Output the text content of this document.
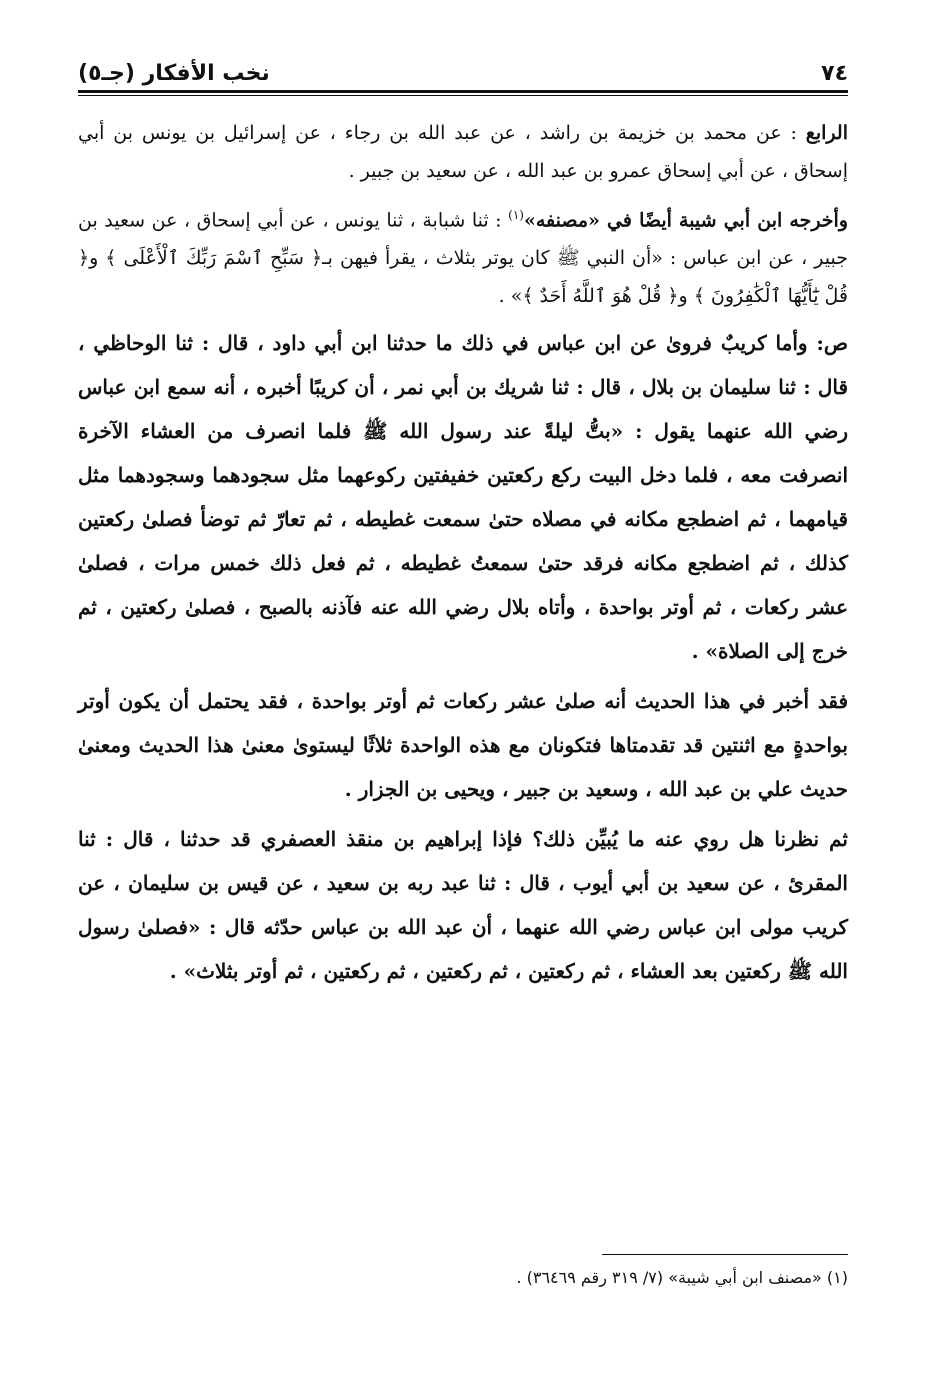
٧٤
نخب الأفكار (جـ٥)

الرابع : عن محمد بن خزيمة بن راشد ، عن عبد الله بن رجاء ، عن إسرائيل بن يونس بن أبي إسحاق ، عن أبي إسحاق عمرو بن عبد الله ، عن سعيد بن جبير .

وأخرجه ابن أبي شيبة أيضًا في «مصنفه»$^{(١)}$ : ثنا شبابة ، ثنا يونس ، عن أبي إسحاق ، عن سعيد بن جبير ، عن ابن عباس : «أن النبي ﷺ كان يوتر بثلاث ، يقرأ فيهن بـ﴿ سَبِّحِ ٱسْمَ رَبِّكَ ٱلْأَعْلَى ﴾ و﴿ قُلْ يَٰٓأَيُّهَا ٱلْكَٰفِرُونَ ﴾ و﴿ قُلْ هُوَ ٱللَّهُ أَحَدٌ ﴾» .

ص: وأما كريبٌ فروىٰ عن ابن عباس في ذلك ما حدثنا ابن أبي داود ، قال : ثنا الوحاظي ، قال : ثنا سليمان بن بلال ، قال : ثنا شريك بن أبي نمر ، أن كريبًا أخبره ، أنه سمع ابن عباس رضي الله عنهما يقول : «بتُّ ليلةً عند رسول الله ﷺ فلما انصرف من العشاء الآخرة انصرفت معه ، فلما دخل البيت ركع ركعتين خفيفتين ركوعهما مثل سجودهما وسجودهما مثل قيامهما ، ثم اضطجع مكانه في مصلاه حتىٰ سمعت غطيطه ، ثم تعارّ ثم توضأ فصلىٰ ركعتين كذلك ، ثم اضطجع مكانه فرقد حتىٰ سمعتُ غطيطه ، ثم فعل ذلك خمس مرات ، فصلىٰ عشر ركعات ، ثم أوتر بواحدة ، وأتاه بلال رضي الله عنه فآذنه بالصبح ، فصلىٰ ركعتين ، ثم خرج إلى الصلاة» .

فقد أخبر في هذا الحديث أنه صلىٰ عشر ركعات ثم أوتر بواحدة ، فقد يحتمل أن يكون أوتر بواحدةٍ مع اثنتين قد تقدمتاها فتكونان مع هذه الواحدة ثلاثًا ليستوىٰ معنىٰ هذا الحديث ومعنىٰ حديث علي بن عبد الله ، وسعيد بن جبير ، ويحيى بن الجزار .

ثم نظرنا هل روي عنه ما يُبيِّن ذلك؟ فإذا إبراهيم بن منقذ العصفري قد حدثنا ، قال : ثنا المقرئ ، عن سعيد بن أبي أيوب ، قال : ثنا عبد ربه بن سعيد ، عن قيس بن سليمان ، عن كريب مولى ابن عباس رضي الله عنهما ، أن عبد الله بن عباس حدّثه قال : «فصلىٰ رسول الله ﷺ ركعتين بعد العشاء ، ثم ركعتين ، ثم ركعتين ، ثم ركعتين ، ثم أوتر بثلاث» .

(١) «مصنف ابن أبي شيبة» (٧/ ٣١٩ رقم ٣٦٤٦٩) .
